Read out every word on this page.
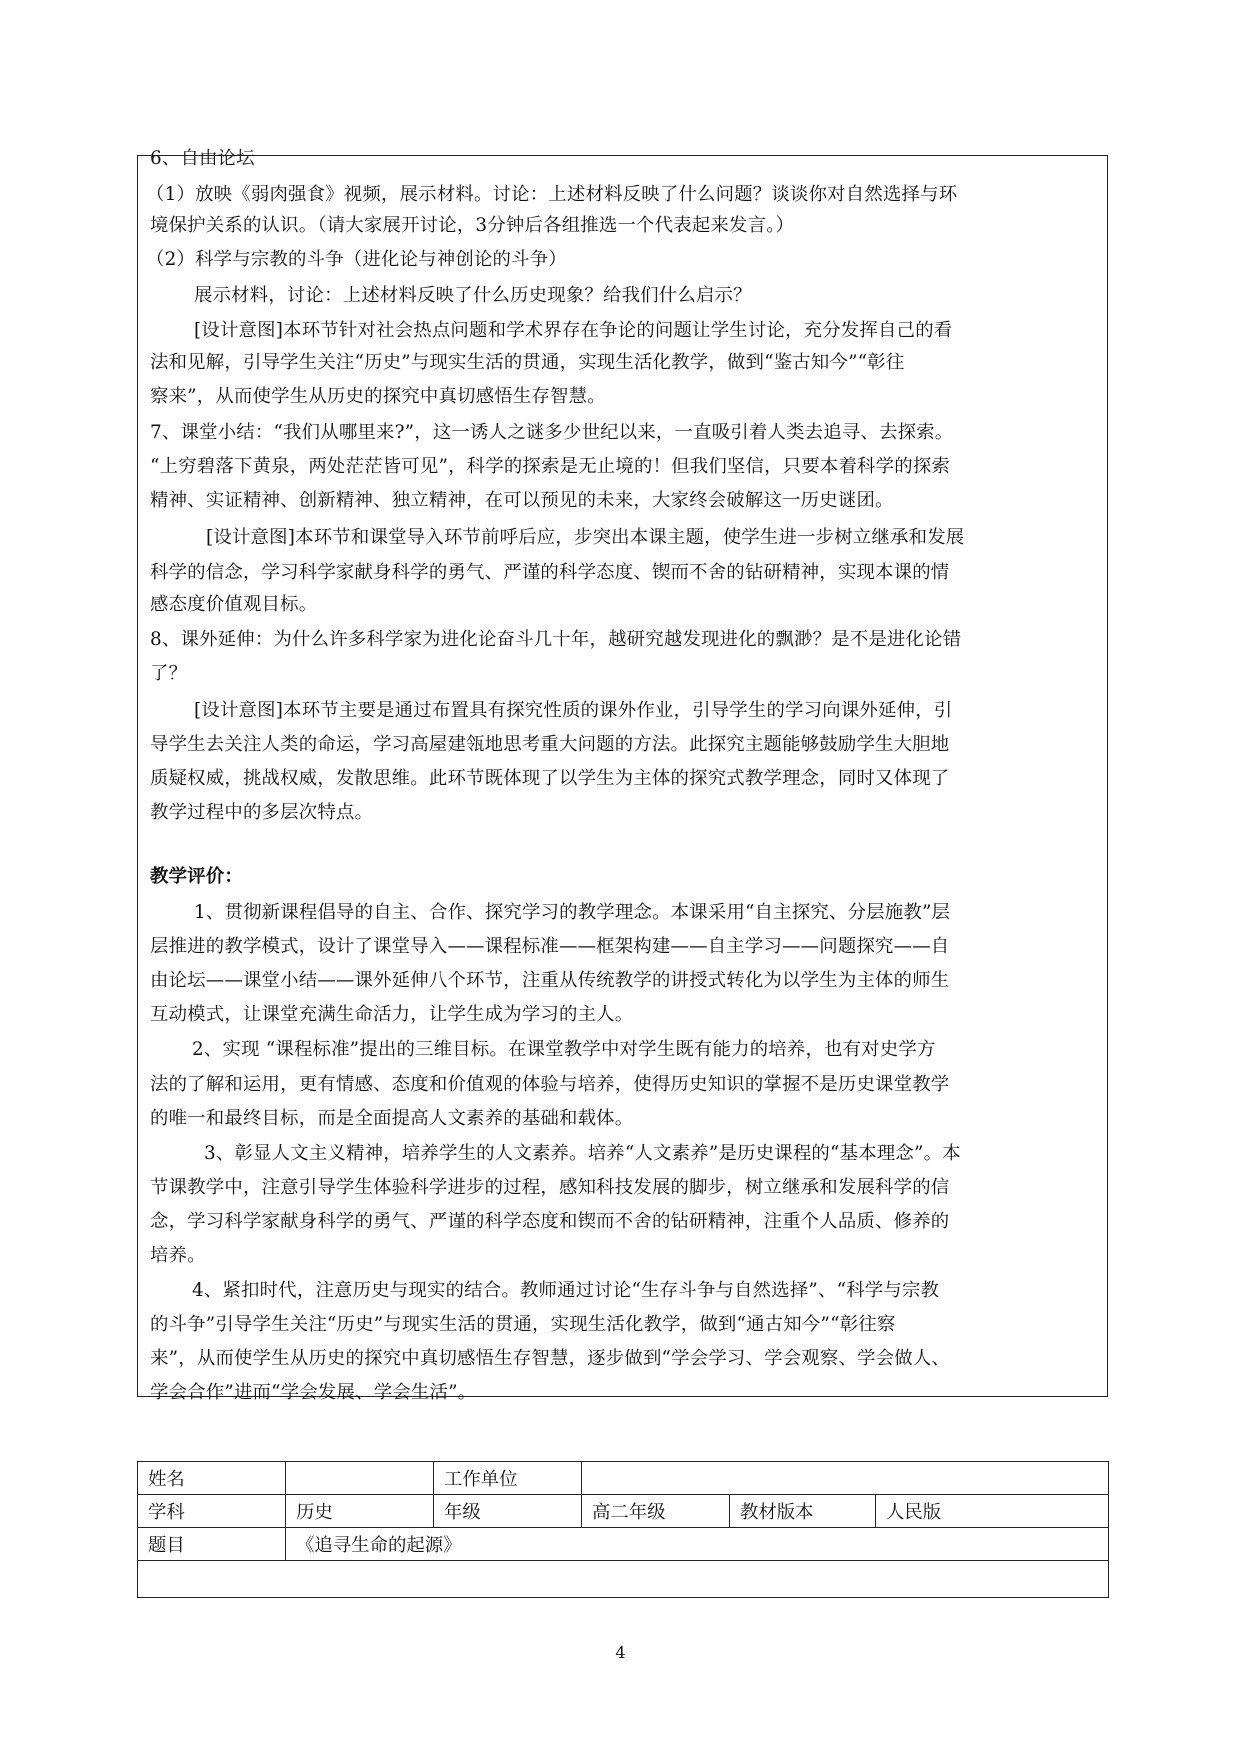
姓名		工作单位			
学科	历史	年级	高二年级	教材版本	人民版
题目	《追寻生命的起源》				

4
6、自由论坛
（1）放映《弱肉强食》视频，展示材料。讨论：上述材料反映了什么问题？谈谈你对自然选择与环
境保护关系的认识。（请大家展开讨论，3分钟后各组推选一个代表起来发言。）
（2）科学与宗教的斗争（进化论与神创论的斗争）
展示材料，讨论：上述材料反映了什么历史现象？给我们什么启示？
[设计意图]本环节针对社会热点问题和学术界存在争论的问题让学生讨论，充分发挥自己的看
法和见解，引导学生关注“历史”与现实生活的贯通，实现生活化教学，做到“鉴古知今”“彰往
察来”，从而使学生从历史的探究中真切感悟生存智慧。
7、课堂小结：“我们从哪里来?”，这一诱人之谜多少世纪以来，一直吸引着人类去追寻、去探索。
“上穷碧落下黄泉，两处茫茫皆可见”，科学的探索是无止境的！但我们坚信，只要本着科学的探索
精神、实证精神、创新精神、独立精神，在可以预见的未来，大家终会破解这一历史谜团。
[设计意图]本环节和课堂导入环节前呼后应，步突出本课主题，使学生进一步树立继承和发展
科学的信念，学习科学家献身科学的勇气、严谨的科学态度、锲而不舍的钻研精神，实现本课的情
感态度价值观目标。
8、课外延伸：为什么许多科学家为进化论奋斗几十年，越研究越发现进化的飘渺？是不是进化论错
了？
[设计意图]本环节主要是通过布置具有探究性质的课外作业，引导学生的学习向课外延伸，引
导学生去关注人类的命运，学习高屋建瓴地思考重大问题的方法。此探究主题能够鼓励学生大胆地
质疑权威，挑战权威，发散思维。此环节既体现了以学生为主体的探究式教学理念，同时又体现了
教学过程中的多层次特点。
教学评价：
1、贯彻新课程倡导的自主、合作、探究学习的教学理念。本课采用“自主探究、分层施教”层
层推进的教学模式，设计了课堂导入——课程标准——框架构建——自主学习——问题探究——自
由论坛——课堂小结——课外延伸八个环节，注重从传统教学的讲授式转化为以学生为主体的师生
互动模式，让课堂充满生命活力，让学生成为学习的主人。
2、实现 “课程标准”提出的三维目标。在课堂教学中对学生既有能力的培养，也有对史学方
法的了解和运用，更有情感、态度和价值观的体验与培养，使得历史知识的掌握不是历史课堂教学
的唯一和最终目标，而是全面提高人文素养的基础和载体。
3、彰显人文主义精神，培养学生的人文素养。培养“人文素养”是历史课程的“基本理念”。本
节课教学中，注意引导学生体验科学进步的过程，感知科技发展的脚步，树立继承和发展科学的信
念，学习科学家献身科学的勇气、严谨的科学态度和锲而不舍的钻研精神，注重个人品质、修养的
培养。
4、紧扣时代，注意历史与现实的结合。教师通过讨论“生存斗争与自然选择”、“科学与宗教
的斗争”引导学生关注“历史”与现实生活的贯通，实现生活化教学，做到“通古知今”“彰往察
来”，从而使学生从历史的探究中真切感悟生存智慧，逐步做到“学会学习、学会观察、学会做人、
学会合作”进而“学会发展、学会生活”。
